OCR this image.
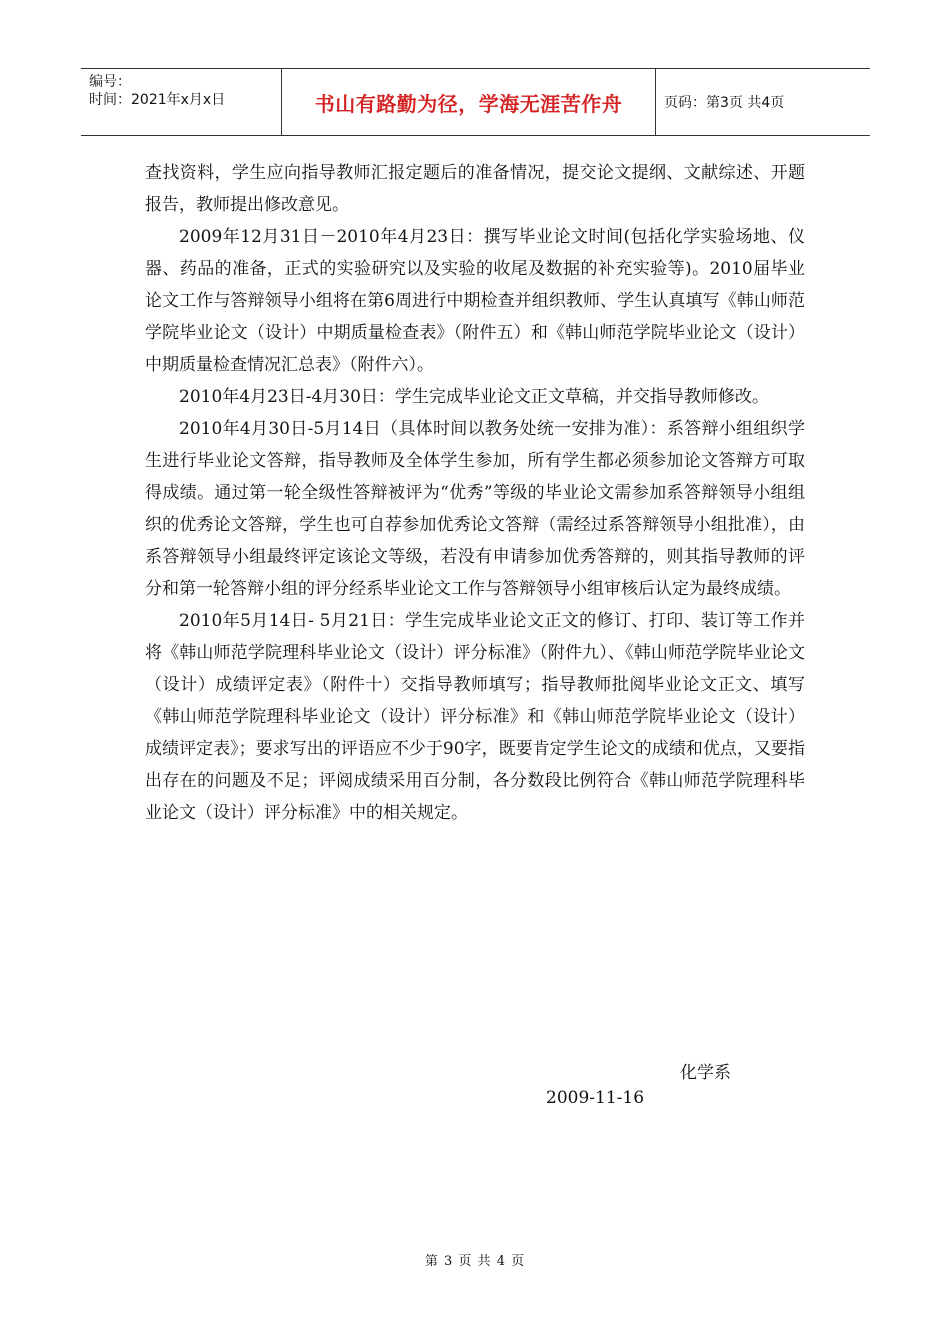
编号：
时间：2021年x月x日	书山有路勤为径，学海无涯苦作舟	页码：第3页 共4页

查找资料，学生应向指导教师汇报定题后的准备情况，提交论文提纲、文献综述、开题报告，教师提出修改意见。

2009年12月31日－2010年4月23日：撰写毕业论文时间(包括化学实验场地、仪器、药品的准备，正式的实验研究以及实验的收尾及数据的补充实验等)。2010届毕业论文工作与答辩领导小组将在第6周进行中期检查并组织教师、学生认真填写《韩山师范学院毕业论文（设计）中期质量检查表》（附件五）和《韩山师范学院毕业论文（设计）中期质量检查情况汇总表》（附件六）。

2010年4月23日-4月30日：学生完成毕业论文正文草稿，并交指导教师修改。

2010年4月30日-5月14日（具体时间以教务处统一安排为准）：系答辩小组组织学生进行毕业论文答辩，指导教师及全体学生参加，所有学生都必须参加论文答辩方可取得成绩。通过第一轮全级性答辩被评为“优秀”等级的毕业论文需参加系答辩领导小组组织的优秀论文答辩，学生也可自荐参加优秀论文答辩（需经过系答辩领导小组批准），由系答辩领导小组最终评定该论文等级，若没有申请参加优秀答辩的，则其指导教师的评分和第一轮答辩小组的评分经系毕业论文工作与答辩领导小组审核后认定为最终成绩。

2010年5月14日- 5月21日：学生完成毕业论文正文的修订、打印、装订等工作并将《韩山师范学院理科毕业论文（设计）评分标准》（附件九）、《韩山师范学院毕业论文（设计）成绩评定表》（附件十）交指导教师填写；指导教师批阅毕业论文正文、填写《韩山师范学院理科毕业论文（设计）评分标准》和《韩山师范学院毕业论文（设计）成绩评定表》；要求写出的评语应不少于90字，既要肯定学生论文的成绩和优点，又要指出存在的问题及不足；评阅成绩采用百分制，各分数段比例符合《韩山师范学院理科毕业论文（设计）评分标准》中的相关规定。

化学系
2009-11-16
第 3 页 共 4 页
